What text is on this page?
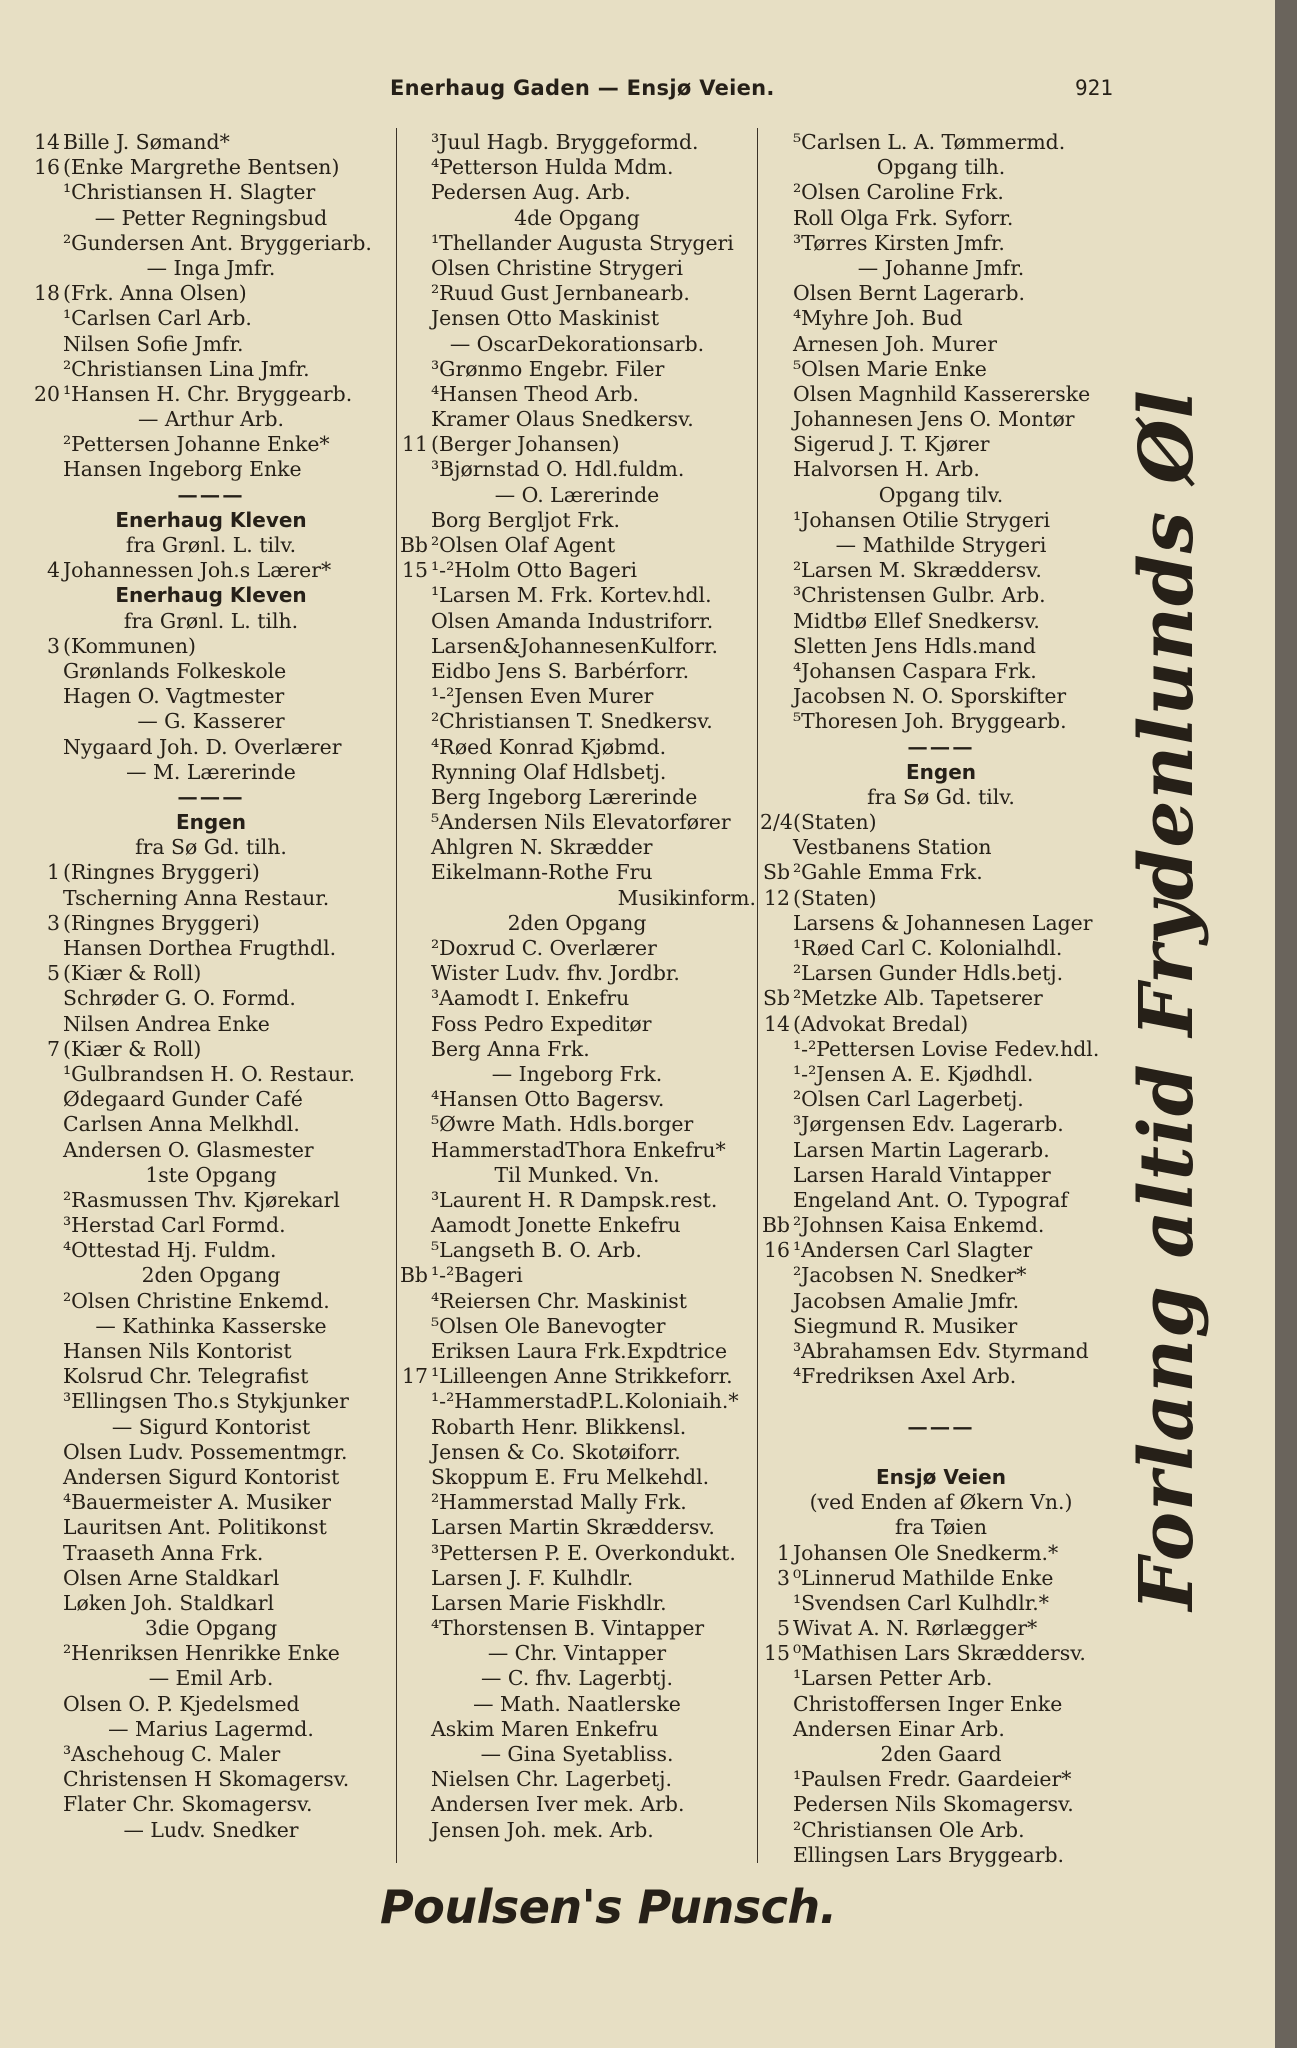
Enerhaug Gaden — Ensjø Veien.	921
14 Bille J. Sømand*
16 (Enke Margrethe Bentsen)
¹Christiansen H. Slagter
— Petter Regningsbud
²Gundersen Ant. Bryggeriarb.
— Inga Jmfr.
18 (Frk. Anna Olsen)
¹Carlsen Carl Arb.
Nilsen Sofie Jmfr.
²Christiansen Lina Jmfr.
20 ¹Hansen H. Chr. Bryggearb.
— Arthur Arb.
²Pettersen Johanne Enke*
Hansen Ingeborg Enke
———
Enerhaug Kleven
fra Grønl. L. tilv.
4 Johannessen Joh.s Lærer*
Enerhaug Kleven
fra Grønl. L. tilh.
3 (Kommunen)
Grønlands Folkeskole
Hagen O. Vagtmester
— G. Kasserer
Nygaard Joh. D. Overlærer
— M. Lærerinde
———
Engen
fra Sø Gd. tilh.
1 (Ringnes Bryggeri)
Tscherning Anna Restaur.
3 (Ringnes Bryggeri)
Hansen Dorthea Frugthdl.
5 (Kiær & Roll)
Schrøder G. O. Formd.
Nilsen Andrea Enke
7 (Kiær & Roll)
¹Gulbrandsen H. O. Restaur.
Ødegaard Gunder Café
Carlsen Anna Melkhdl.
Andersen O. Glasmester
1ste Opgang
²Rasmussen Thv. Kjørekarl
³Herstad Carl Formd.
⁴Ottestad Hj. Fuldm.
2den Opgang
²Olsen Christine Enkemd.
— Kathinka Kasserske
Hansen Nils Kontorist
Kolsrud Chr. Telegrafist
³Ellingsen Tho.s Stykjunker
— Sigurd Kontorist
Olsen Ludv. Possementmgr.
Andersen Sigurd Kontorist
⁴Bauermeister A. Musiker
Lauritsen Ant. Politikonst
Traaseth Anna Frk.
Olsen Arne Staldkarl
Løken Joh. Staldkarl
3die Opgang
²Henriksen Henrikke Enke
— Emil Arb.
Olsen O. P. Kjedelsmed
— Marius Lagermd.
³Aschehoug C. Maler
Christensen H Skomagersv.
Flater Chr. Skomagersv.
— Ludv. Snedker
³Juul Hagb. Bryggeformd.
⁴Petterson Hulda Mdm.
Pedersen Aug. Arb.
4de Opgang
¹Thellander Augusta Strygeri
Olsen Christine Strygeri
²Ruud Gust Jernbanearb.
Jensen Otto Maskinist
— OscarDekorationsarb.
³Grønmo Engebr. Filer
⁴Hansen Theod Arb.
Kramer Olaus Snedkersv.
11 (Berger Johansen)
³Bjørnstad O. Hdl.fuldm.
— O. Lærerinde
Borg Bergljot Frk.
Bb ²Olsen Olaf Agent
15 ¹-²Holm Otto Bageri
¹Larsen M. Frk. Kortev.hdl.
Olsen Amanda Industriforr.
Larsen&JohannesenKulforr.
Eidbo Jens S. Barbérforr.
¹-²Jensen Even Murer
²Christiansen T. Snedkersv.
⁴Røed Konrad Kjøbmd.
Rynning Olaf Hdlsbetj.
Berg Ingeborg Lærerinde
⁵Andersen Nils Elevatorfører
Ahlgren N. Skrædder
Eikelmann-Rothe Fru
Musikinform.
2den Opgang
²Doxrud C. Overlærer
Wister Ludv. fhv. Jordbr.
³Aamodt I. Enkefru
Foss Pedro Expeditør
Berg Anna Frk.
— Ingeborg Frk.
⁴Hansen Otto Bagersv.
⁵Øwre Math. Hdls.borger
HammerstadThora Enkefru*
Til Munked. Vn.
³Laurent H. R Dampsk.rest.
Aamodt Jonette Enkefru
⁵Langseth B. O. Arb.
Bb ¹-²Bageri
⁴Reiersen Chr. Maskinist
⁵Olsen Ole Banevogter
Eriksen Laura Frk.Expdtrice
17 ¹Lilleengen Anne Strikkeforr.
¹-²HammerstadP.L.Koloniaih.*
Robarth Henr. Blikkensl.
Jensen & Co. Skotøiforr.
Skoppum E. Fru Melkehdl.
²Hammerstad Mally Frk.
Larsen Martin Skræddersv.
³Pettersen P. E. Overkondukt.
Larsen J. F. Kulhdlr.
Larsen Marie Fiskhdlr.
⁴Thorstensen B. Vintapper
— Chr. Vintapper
— C. fhv. Lagerbtj.
— Math. Naatlerske
Askim Maren Enkefru
— Gina Syetabliss.
Nielsen Chr. Lagerbetj.
Andersen Iver mek. Arb.
Jensen Joh. mek. Arb.
⁵Carlsen L. A. Tømmermd.
Opgang tilh.
²Olsen Caroline Frk.
Roll Olga Frk. Syforr.
³Tørres Kirsten Jmfr.
— Johanne Jmfr.
Olsen Bernt Lagerarb.
⁴Myhre Joh. Bud
Arnesen Joh. Murer
⁵Olsen Marie Enke
Olsen Magnhild Kassererske
Johannesen Jens O. Montør
Sigerud J. T. Kjører
Halvorsen H. Arb.
Opgang tilv.
¹Johansen Otilie Strygeri
— Mathilde Strygeri
²Larsen M. Skræddersv.
³Christensen Gulbr. Arb.
Midtbø Ellef Snedkersv.
Sletten Jens Hdls.mand
⁴Johansen Caspara Frk.
Jacobsen N. O. Sporskifter
⁵Thoresen Joh. Bryggearb.
———
Engen
fra Sø Gd. tilv.
2/4(Staten)
Vestbanens Station
Sb ²Gahle Emma Frk.
12 (Staten)
Larsens & Johannesen Lager
¹Røed Carl C. Kolonialhdl.
²Larsen Gunder Hdls.betj.
Sb ²Metzke Alb. Tapetserer
14 (Advokat Bredal)
¹-²Pettersen Lovise Fedev.hdl.
¹-²Jensen A. E. Kjødhdl.
²Olsen Carl Lagerbetj.
³Jørgensen Edv. Lagerarb.
Larsen Martin Lagerarb.
Larsen Harald Vintapper
Engeland Ant. O. Typograf
Bb ²Johnsen Kaisa Enkemd.
16 ¹Andersen Carl Slagter
²Jacobsen N. Snedker*
Jacobsen Amalie Jmfr.
Siegmund R. Musiker
³Abrahamsen Edv. Styrmand
⁴Fredriksen Axel Arb.
———
Ensjø Veien
(ved Enden af Økern Vn.)
fra Tøien
1 Johansen Ole Snedkerm.*
3 ⁰Linnerud Mathilde Enke
¹Svendsen Carl Kulhdlr.*
5 Wivat A. N. Rørlægger*
15 ⁰Mathisen Lars Skræddersv.
¹Larsen Petter Arb.
Christoffersen Inger Enke
Andersen Einar Arb.
2den Gaard
¹Paulsen Fredr. Gaardeier*
Pedersen Nils Skomagersv.
²Christiansen Ole Arb.
Ellingsen Lars Bryggearb.
Forlang altid Frydenlunds Øl
Poulsen's Punsch.
